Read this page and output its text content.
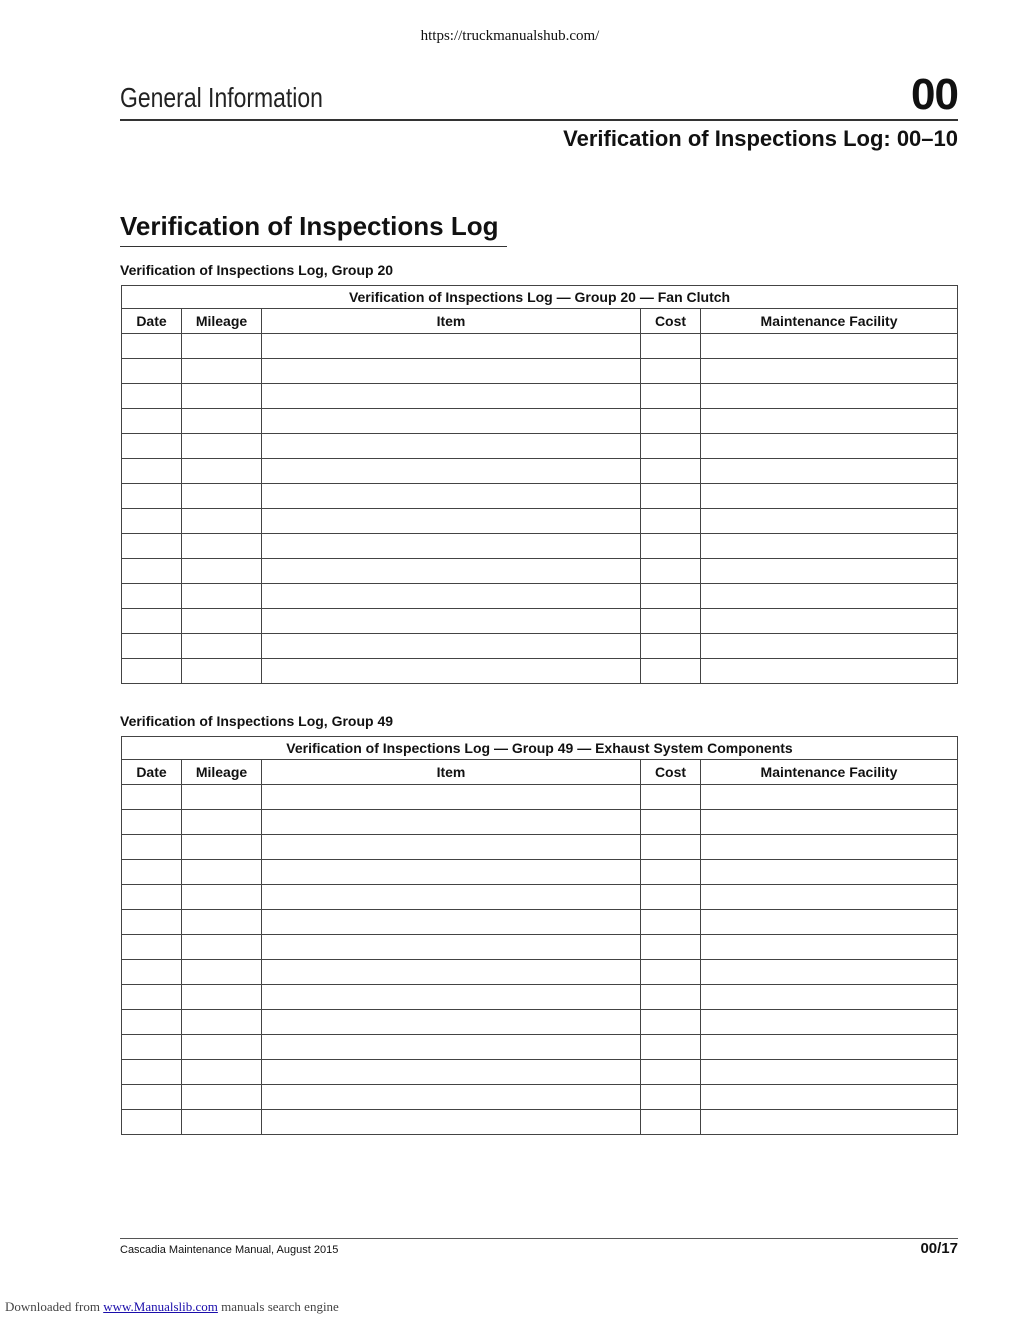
https://truckmanualshub.com/
General Information	00
Verification of Inspections Log: 00–10
Verification of Inspections Log
Verification of Inspections Log, Group 20
Verification of Inspections Log — Group 20 — Fan Clutch				
Date	Mileage	Item	Cost	Maintenance Facility

Verification of Inspections Log, Group 49
Verification of Inspections Log — Group 49 — Exhaust System Components				
Date	Mileage	Item	Cost	Maintenance Facility

Cascadia Maintenance Manual, August 2015	00/17
Downloaded from www.Manualslib.com manuals search engine
